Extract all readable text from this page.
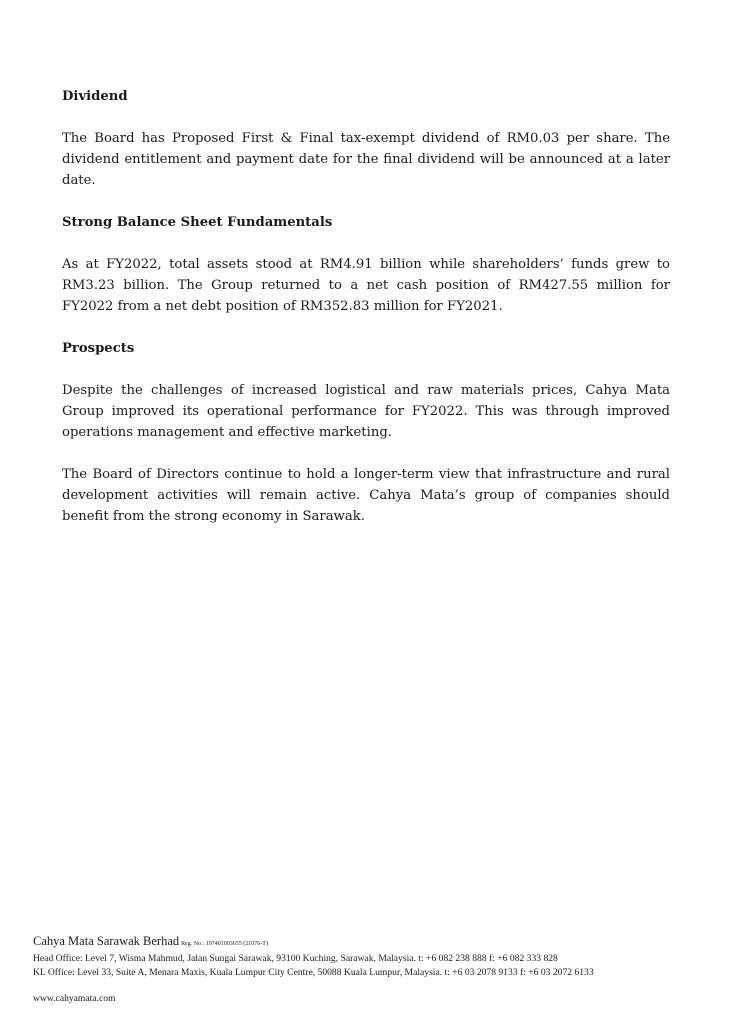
Dividend

The Board has Proposed First & Final tax-exempt dividend of RM0.03 per share. The dividend entitlement and payment date for the final dividend will be announced at a later date.

Strong Balance Sheet Fundamentals

As at FY2022, total assets stood at RM4.91 billion while shareholders’ funds grew to RM3.23 billion. The Group returned to a net cash position of RM427.55 million for FY2022 from a net debt position of RM352.83 million for FY2021.

Prospects

Despite the challenges of increased logistical and raw materials prices, Cahya Mata Group improved its operational performance for FY2022. This was through improved operations management and effective marketing.

The Board of Directors continue to hold a longer-term view that infrastructure and rural development activities will remain active. Cahya Mata’s group of companies should benefit from the strong economy in Sarawak.

Cahya Mata Sarawak Berhad Reg. No.: 197401003655 (21076-T)
Head Office: Level 7, Wisma Mahmud, Jalan Sungai Sarawak, 93100 Kuching, Sarawak, Malaysia. t: +6 082 238 888 f: +6 082 333 828
KL Office: Level 33, Suite A, Menara Maxis, Kuala Lumpur City Centre, 50088 Kuala Lumpur, Malaysia. t: +6 03 2078 9133 f: +6 03 2072 6133
www.cahyamata.com
